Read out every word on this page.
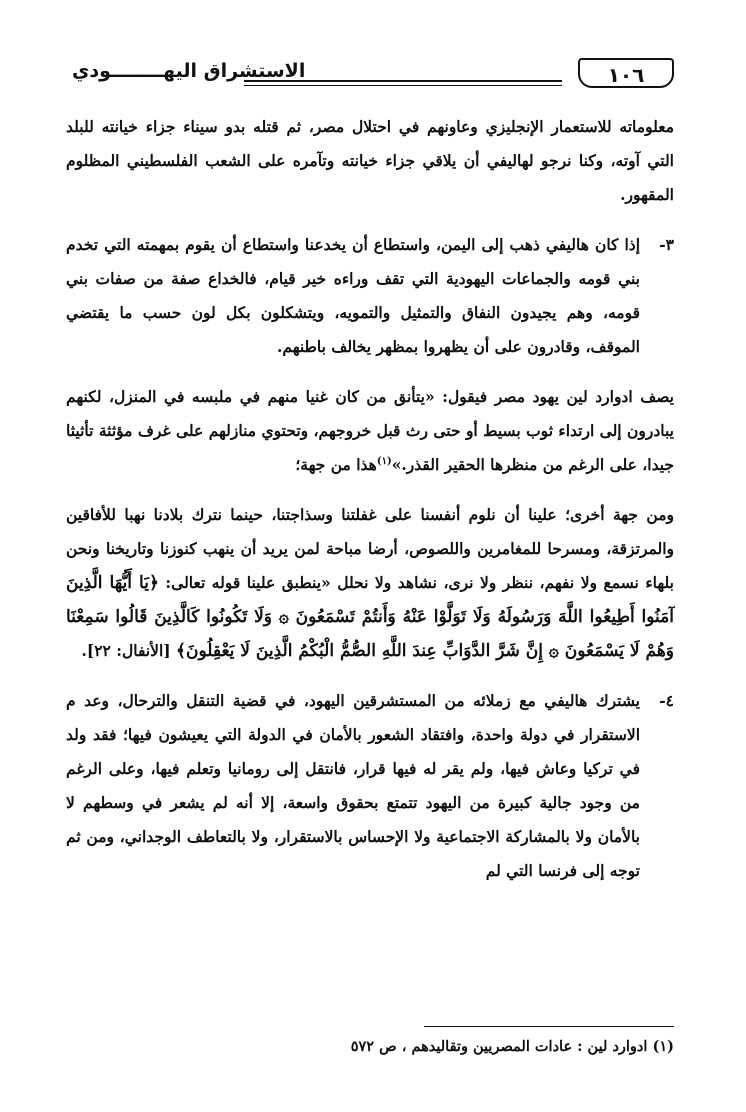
١٠٦
الاستشراق اليهــــــــودي

معلوماته للاستعمار الإنجليزي وعاونهم في احتلال مصر، ثم قتله بدو سيناء جزاء خيانته للبلد التي آوته، وكنا نرجو لهاليفي أن يلاقي جزاء خيانته وتآمره على الشعب الفلسطيني المظلوم المقهور.

٣-
إذا كان هاليفي ذهب إلى اليمن، واستطاع أن يخدعنا واستطاع أن يقوم بمهمته التي تخدم بني قومه والجماعات اليهودية التي تقف وراءه خير قيام، فالخداع صفة من صفات بني قومه، وهم يجيدون النفاق والتمثيل والتمويه، ويتشكلون بكل لون حسب ما يقتضي الموقف، وقادرون على أن يظهروا بمظهر يخالف باطنهم.

يصف ادوارد لين يهود مصر فيقول: «يتأنق من كان غنيا منهم في ملبسه في المنزل، لكنهم يبادرون إلى ارتداء ثوب بسيط أو حتى رث قبل خروجهم، وتحتوي منازلهم على غرف مؤثثة تأثيثا جيدا، على الرغم من منظرها الحقير القذر.»$^{(١)}$هذا من جهة؛

ومن جهة أخرى؛ علينا أن نلوم أنفسنا على غفلتنا وسذاجتنا، حينما نترك بلادنا نهبا للأفاقين والمرتزقة، ومسرحا للمغامرين واللصوص، أرضا مباحة لمن يريد أن ينهب كنوزنا وتاريخنا ونحن بلهاء نسمع ولا نفهم، ننظر ولا نرى، نشاهد ولا نحلل «ينطبق علينا قوله تعالى: ﴿يَا أَيُّهَا الَّذِينَ آمَنُوا أَطِيعُوا اللَّهَ وَرَسُولَهُ وَلَا تَوَلَّوْا عَنْهُ وَأَنتُمْ تَسْمَعُونَ ۞ وَلَا تَكُونُوا كَالَّذِينَ قَالُوا سَمِعْنَا وَهُمْ لَا يَسْمَعُونَ ۞ إِنَّ شَرَّ الدَّوَابِّ عِندَ اللَّهِ الصُّمُّ الْبُكْمُ الَّذِينَ لَا يَعْقِلُونَ﴾ [الأنفال: ٢٢].

٤-
يشترك هاليفي مع زملائه من المستشرقين اليهود، في قضية التنقل والترحال، وعد م الاستقرار في دولة واحدة، وافتقاد الشعور بالأمان في الدولة التي يعيشون فيها؛ فقد ولد في تركيا وعاش فيها، ولم يقر له فيها قرار، فانتقل إلى رومانيا وتعلم فيها، وعلى الرغم من وجود جالية كبيرة من اليهود تتمتع بحقوق واسعة، إلا أنه لم يشعر في وسطهم لا بالأمان ولا بالمشاركة الاجتماعية ولا الإحساس بالاستقرار، ولا بالتعاطف الوجداني، ومن ثم توجه إلى فرنسا التي لم
(١) ادوارد لين : عادات المصريين وتقاليدهم ، ص ٥٧٢
